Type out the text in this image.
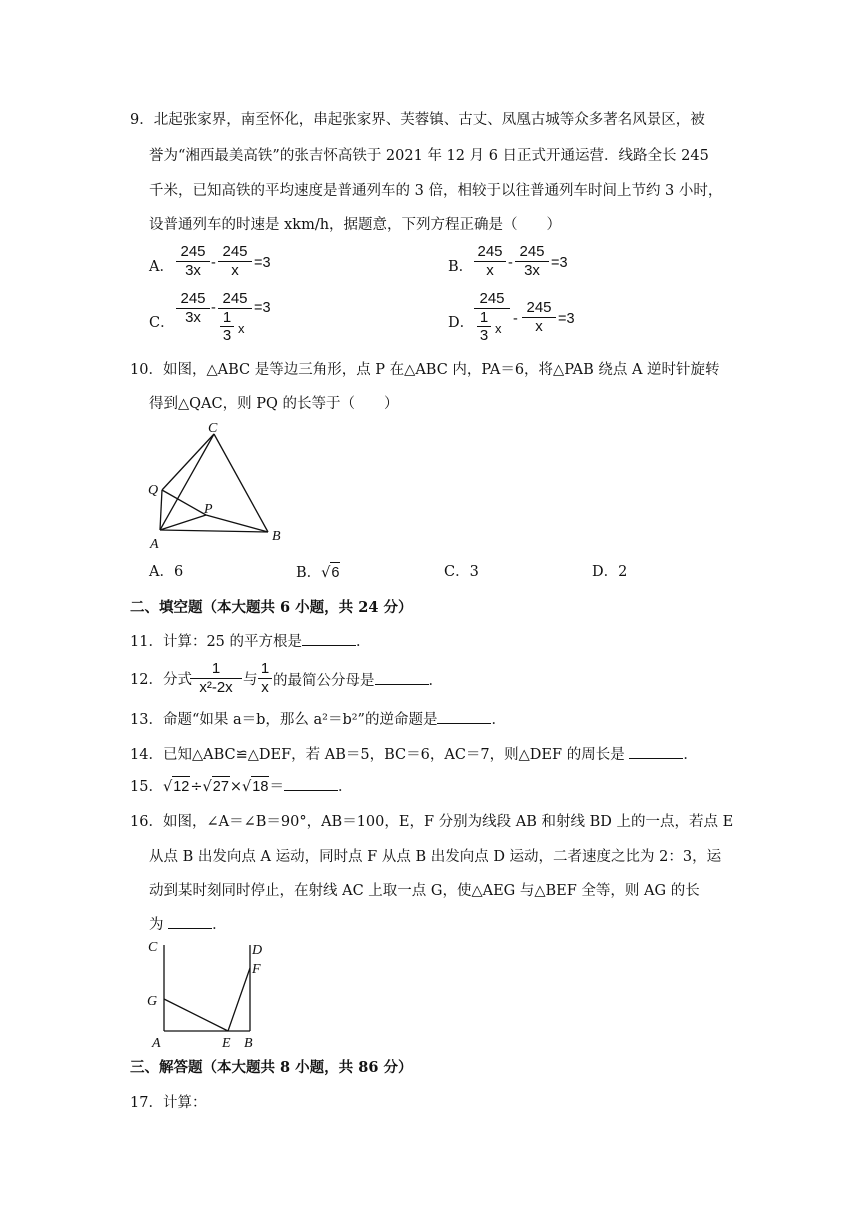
9．北起张家界，南至怀化，串起张家界、芙蓉镇、古丈、凤凰古城等众多著名风景区，被
誉为“湘西最美高铁”的张吉怀高铁于 2021 年 12 月 6 日正式开通运营．线路全长 245
千米，已知高铁的平均速度是普通列车的 3 倍，相较于以往普通列车时间上节约 3 小时，
设普通列车的时速是 xkm/h，据题意，下列方程正确是（　　）
A． $\frac{245}{3x} - \frac{245}{x} =3$	B． $\frac{245}{x} - \frac{245}{3x} =3$
C． $\frac{245}{3x} - \frac{245}{\frac{1}{3} x} =3$
D． $\frac{245}{\frac{1}{3} x} - \frac{245}{x} =3$
10．如图，△ABC 是等边三角形，点 P 在△ABC 内，PA＝6，将△PAB 绕点 A 逆时针旋转
得到△QAC，则 PQ 的长等于（　　）
C
Q
P
A
B
A．6	B．√6	C．3	D．2
二、填空题（本大题共 6 小题，共 24 分）
11．计算：25 的平方根是	．
12．分式
$\frac{1}{\text{x²-2x}}$ 与 $\frac{1}{x}$ 的最简公分母是	．
13．命题“如果 a＝b，那么 a²＝b²”的逆命题是	．
14．已知△ABC≌△DEF，若 AB＝5，BC＝6，AC＝7，则△DEF 的周长是	．
15．√12÷√27×√18＝	．
16．如图，∠A＝∠B＝90°，AB＝100，E，F 分别为线段 AB 和射线 BD 上的一点，若点 E
从点 B 出发向点 A 运动，同时点 F 从点 B 出发向点 D 运动，二者速度之比为 2：3，运
动到某时刻同时停止，在射线 AC 上取一点 G，使△AEG 与△BEF 全等，则 AG 的长
为	．
C	D
F
G
A	E B
三、解答题（本大题共 8 小题，共 86 分）
17．计算：
